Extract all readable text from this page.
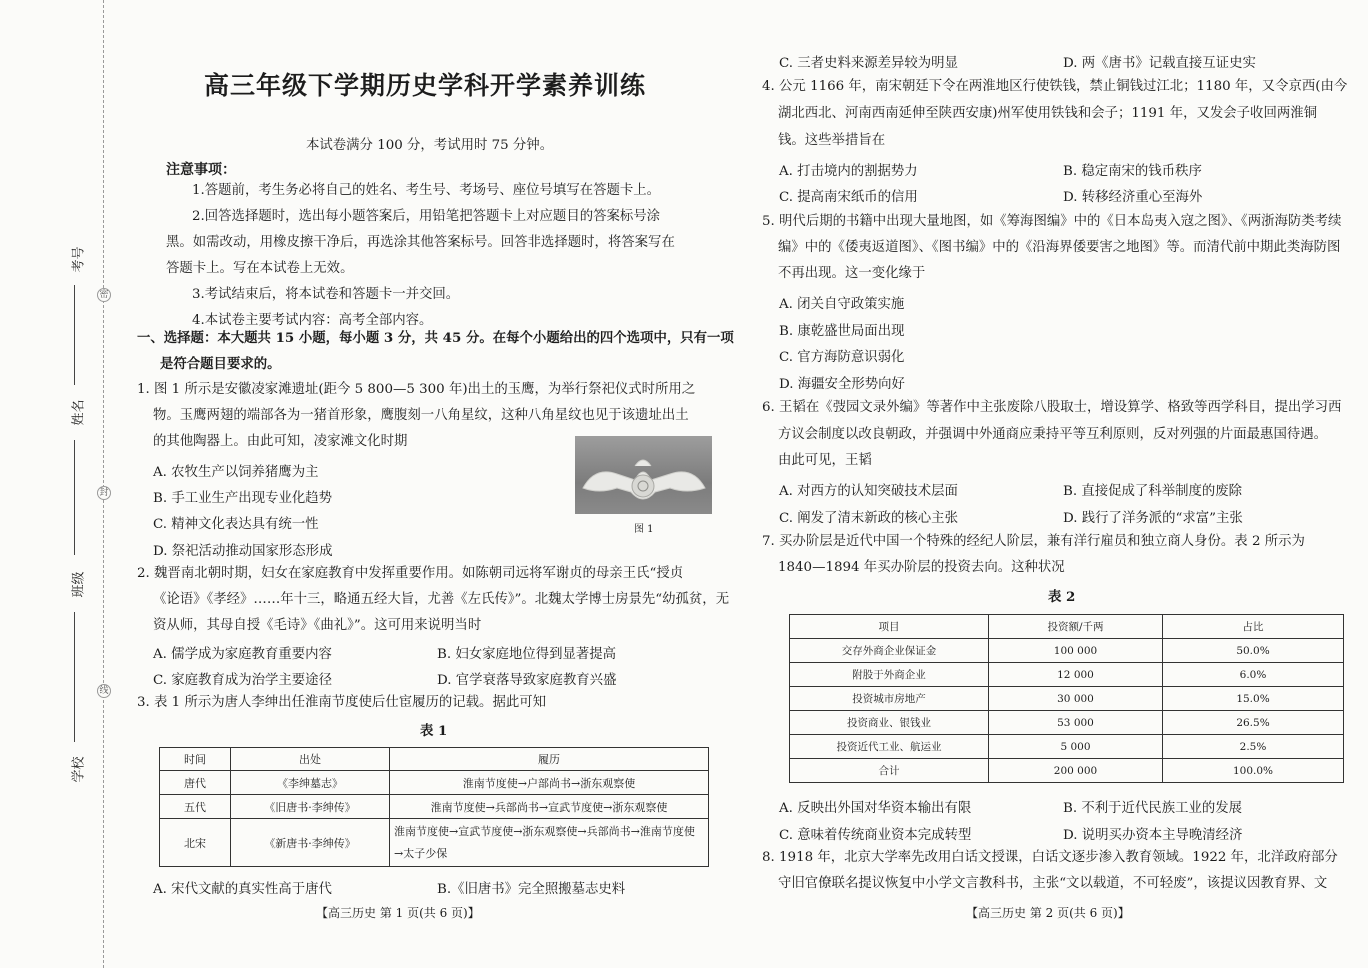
考号
姓名
班级
学校
密
封
线
高三年级下学期历史学科开学素养训练
本试卷满分 100 分，考试用时 75 分钟。
注意事项：
1.答题前，考生务必将自己的姓名、考生号、考场号、座位号填写在答题卡上。
2.回答选择题时，选出每小题答案后，用铅笔把答题卡上对应题目的答案标号涂
黑。如需改动，用橡皮擦干净后，再选涂其他答案标号。回答非选择题时，将答案写在
答题卡上。写在本试卷上无效。
3.考试结束后，将本试卷和答题卡一并交回。
4.本试卷主要考试内容：高考全部内容。
一、选择题：本大题共 15 小题，每小题 3 分，共 45 分。在每个小题给出的四个选项中，只有一项
是符合题目要求的。
1. 图 1 所示是安徽凌家滩遗址(距今 5 800—5 300 年)出土的玉鹰，为举行祭祀仪式时所用之
物。玉鹰两翅的端部各为一猪首形象，鹰腹刻一八角星纹，这种八角星纹也见于该遗址出土
的其他陶器上。由此可知，凌家滩文化时期
A. 农牧生产以饲养猪鹰为主
B. 手工业生产出现专业化趋势
C. 精神文化表达具有统一性
D. 祭祀活动推动国家形态形成
图 1
2. 魏晋南北朝时期，妇女在家庭教育中发挥重要作用。如陈朝司远将军谢贞的母亲王氏“授贞
《论语》《孝经》……年十三，略通五经大旨，尤善《左氏传》”。北魏太学博士房景先“幼孤贫，无
资从师，其母自授《毛诗》《曲礼》”。这可用来说明当时
A. 儒学成为家庭教育重要内容	B. 妇女家庭地位得到显著提高
C. 家庭教育成为治学主要途径	D. 官学衰落导致家庭教育兴盛
3. 表 1 所示为唐人李绅出任淮南节度使后仕宦履历的记载。据此可知
表 1
时间	出处	履历
唐代	《李绅墓志》	淮南节度使→户部尚书→浙东观察使
五代	《旧唐书·李绅传》	淮南节度使→兵部尚书→宣武节度使→浙东观察使
北宋	《新唐书·李绅传》	淮南节度使→宣武节度使→浙东观察使→兵部尚书→淮南节度使→太子少保
A. 宋代文献的真实性高于唐代	B.《旧唐书》完全照搬墓志史料
【高三历史 第 1 页(共 6 页)】
C. 三者史料来源差异较为明显	D. 两《唐书》记载直接互证史实
4. 公元 1166 年，南宋朝廷下令在两淮地区行使铁钱，禁止铜钱过江北；1180 年，又令京西(由今
湖北西北、河南西南延伸至陕西安康)州军使用铁钱和会子；1191 年，又发会子收回两淮铜
钱。这些举措旨在
A. 打击境内的割据势力	B. 稳定南宋的钱币秩序
C. 提高南宋纸币的信用	D. 转移经济重心至海外
5. 明代后期的书籍中出现大量地图，如《筹海图编》中的《日本岛夷入寇之图》、《两浙海防类考续
编》中的《倭夷返道图》、《图书编》中的《沿海界倭要害之地图》等。而清代前中期此类海防图
不再出现。这一变化缘于
A. 闭关自守政策实施
B. 康乾盛世局面出现
C. 官方海防意识弱化
D. 海疆安全形势向好
6. 王韬在《弢园文录外编》等著作中主张废除八股取士，增设算学、格致等西学科目，提出学习西
方议会制度以改良朝政，并强调中外通商应秉持平等互利原则，反对列强的片面最惠国待遇。
由此可见，王韬
A. 对西方的认知突破技术层面	B. 直接促成了科举制度的废除
C. 阐发了清末新政的核心主张	D. 践行了洋务派的“求富”主张
7. 买办阶层是近代中国一个特殊的经纪人阶层，兼有洋行雇员和独立商人身份。表 2 所示为
1840—1894 年买办阶层的投资去向。这种状况
表 2
项目	投资额/千两	占比
交存外商企业保证金	100 000	50.0%
附股于外商企业	12 000	6.0%
投资城市房地产	30 000	15.0%
投资商业、银钱业	53 000	26.5%
投资近代工业、航运业	5 000	2.5%
合计	200 000	100.0%
A. 反映出外国对华资本输出有限	B. 不利于近代民族工业的发展
C. 意味着传统商业资本完成转型	D. 说明买办资本主导晚清经济
8. 1918 年，北京大学率先改用白话文授课，白话文逐步渗入教育领域。1922 年，北洋政府部分
守旧官僚联名提议恢复中小学文言教科书，主张“文以载道，不可轻废”，该提议因教育界、文
【高三历史 第 2 页(共 6 页)】
